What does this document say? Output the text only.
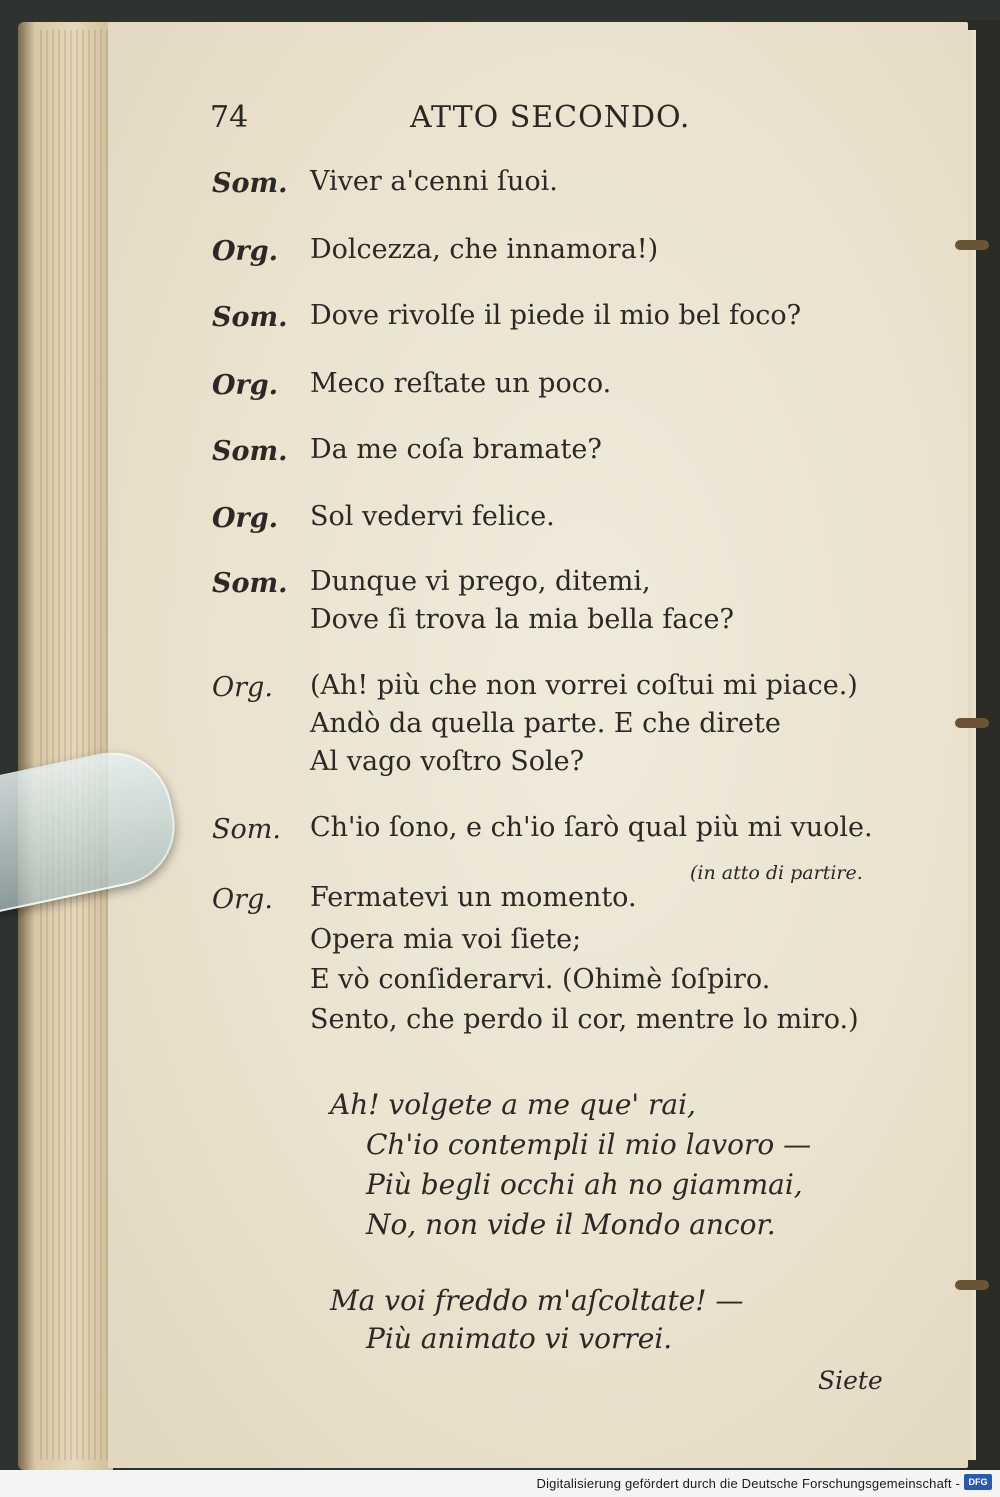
74	ATTO SECONDO.
Som. Viver a'cenni ſuoi.
Org. Dolcezza, che innamora!)
Som. Dove rivolſe il piede il mio bel foco?
Org. Meco reſtate un poco.
Som. Da me coſa bramate?
Org. Sol vedervi felice.
Som. Dunque vi prego, ditemi,
Dove ſi trova la mia bella face?
Org. (Ah! più che non vorrei coſtui mi piace.)
Andò da quella parte. E che direte
Al vago voſtro Sole?
Som. Ch'io ſono, e ch'io ſarò qual più mi vuole.
(in atto di partire.
Org. Fermatevi un momento.
Opera mia voi ſiete;
E vò conſiderarvi. (Ohimè ſoſpiro.
Sento, che perdo il cor, mentre lo miro.)
Ah! volgete a me que' rai,
Ch'io contempli il mio lavoro —
Più begli occhi ah no giammai,
No, non vide il Mondo ancor.
Ma voi freddo m'aſcoltate! —
Più animato vi vorrei.
Siete
Digitalisierung gefördert durch die Deutsche Forschungsgemeinschaft - DFG
